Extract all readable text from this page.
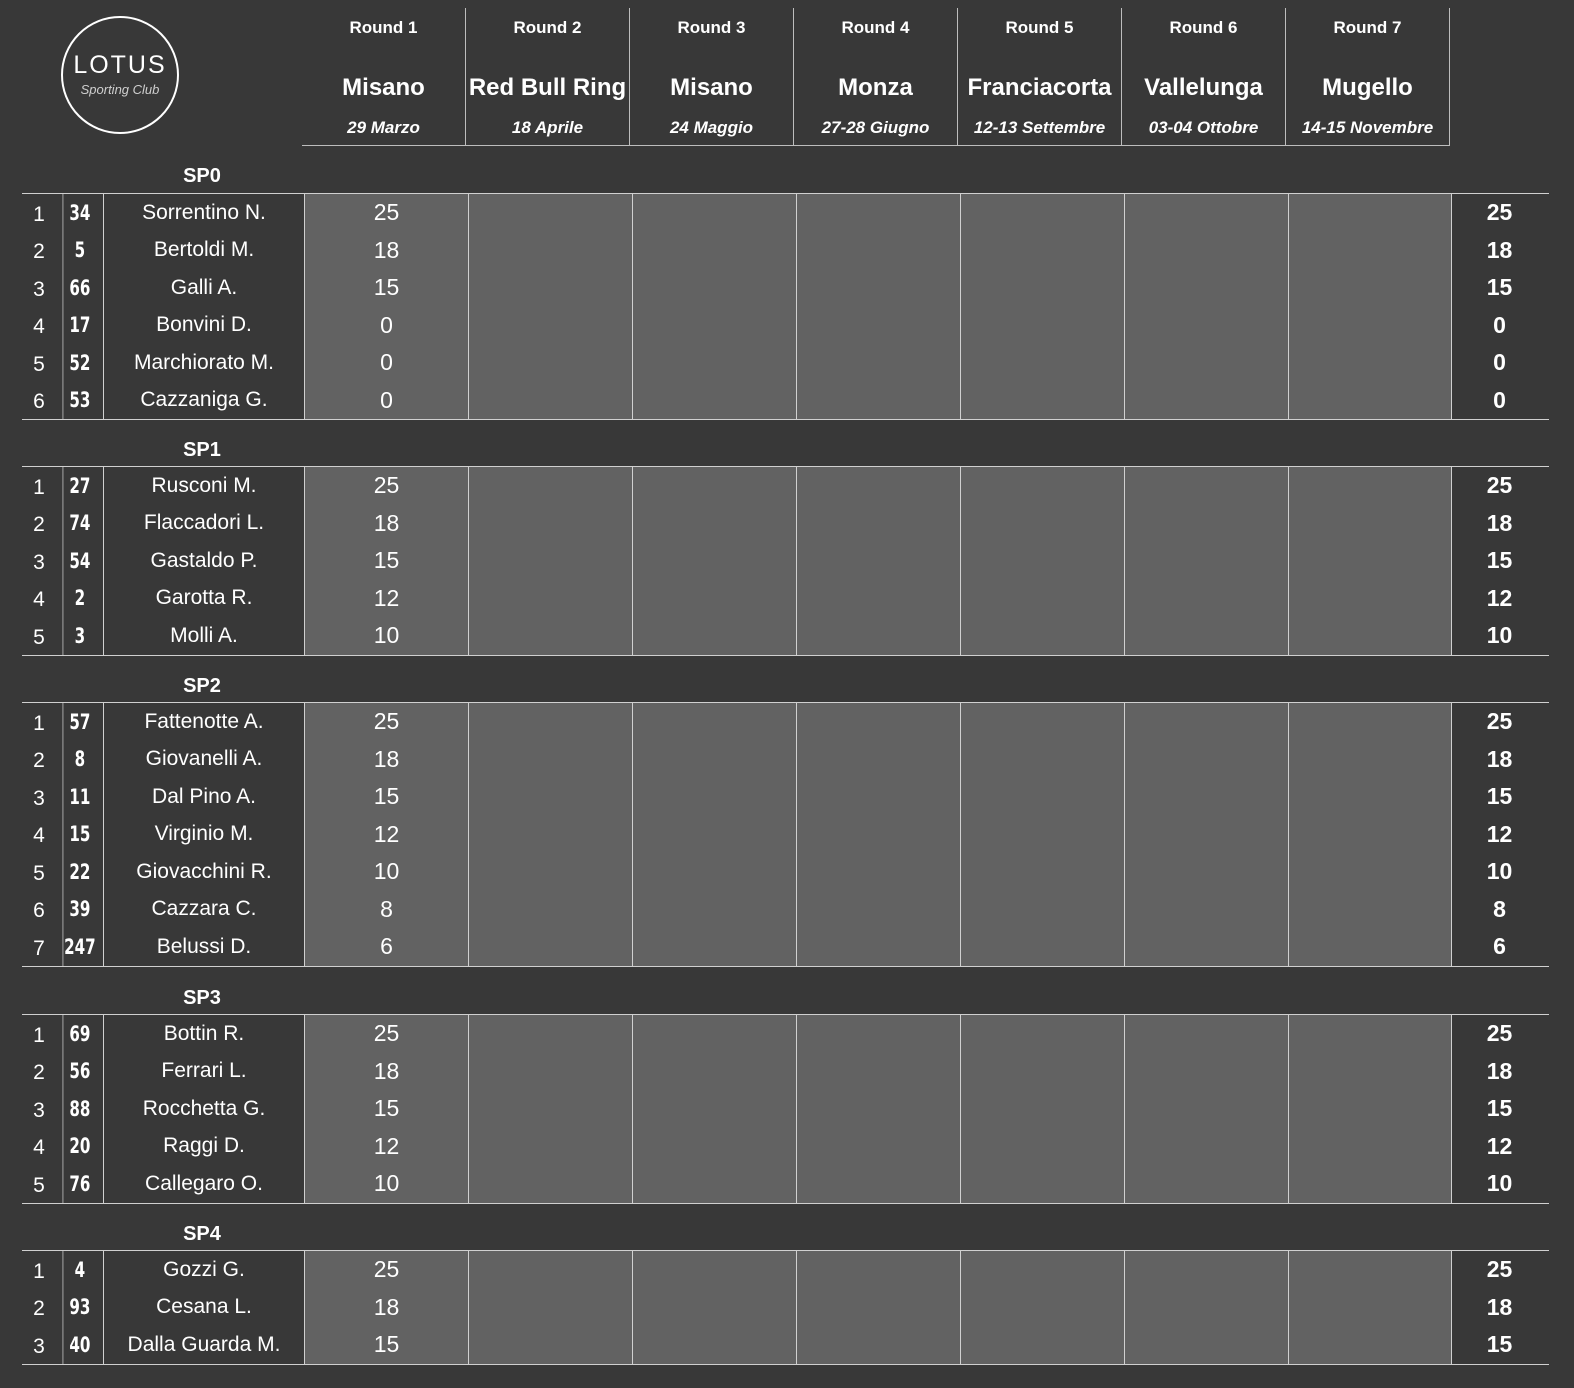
LOTUS
Sporting Club
Round 1
Misano
29 Marzo
Round 2
Red Bull Ring
18 Aprile
Round 3
Misano
24 Maggio
Round 4
Monza
27-28 Giugno
Round 5
Franciacorta
12-13 Settembre
Round 6
Vallelunga
03-04 Ottobre
Round 7
Mugello
14-15 Novembre
SP0
1	34	Sorrentino N.	25	25
2	5	Bertoldi M.	18	18
3	66	Galli A.	15	15
4	17	Bonvini D.	0	0
5	52	Marchiorato M.	0	0
6	53	Cazzaniga G.	0	0
SP1
1	27	Rusconi M.	25	25
2	74	Flaccadori L.	18	18
3	54	Gastaldo P.	15	15
4	2	Garotta R.	12	12
5	3	Molli A.	10	10
SP2
1	57	Fattenotte A.	25	25
2	8	Giovanelli A.	18	18
3	11	Dal Pino A.	15	15
4	15	Virginio M.	12	12
5	22	Giovacchini R.	10	10
6	39	Cazzara C.	8	8
7 247	Belussi D.	6	6
SP3
1	69	Bottin R.	25	25
2	56	Ferrari L.	18	18
3	88	Rocchetta G.	15	15
4	20	Raggi D.	12	12
5	76	Callegaro O.	10	10
SP4
1	4	Gozzi G.	25	25
2	93	Cesana L.	18	18
3	40	Dalla Guarda M.	15	15
